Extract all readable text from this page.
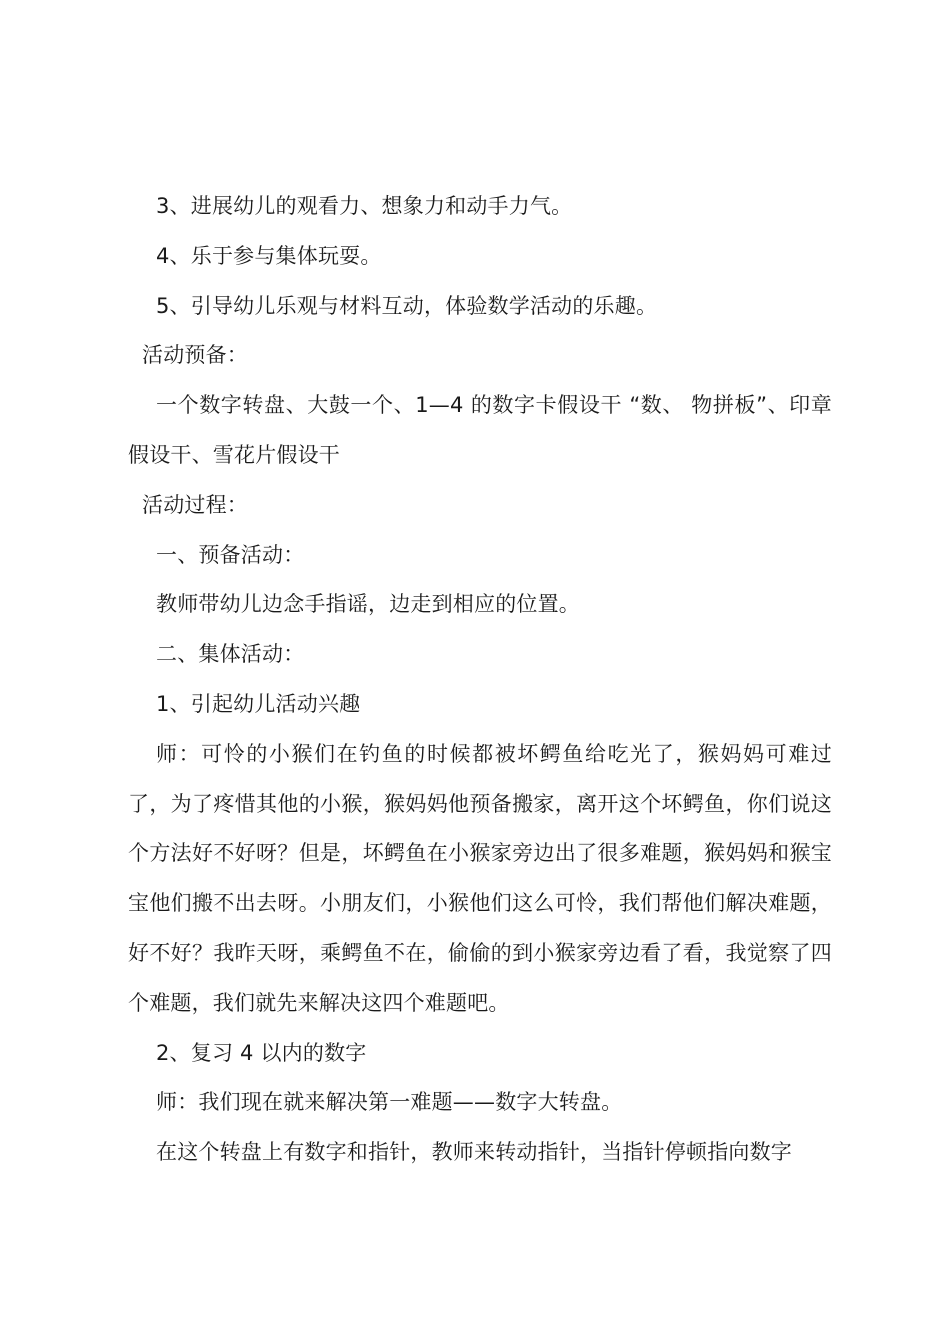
3、进展幼儿的观看力、想象力和动手力气。

4、乐于参与集体玩耍。

5、引导幼儿乐观与材料互动，体验数学活动的乐趣。

活动预备：

一个数字转盘、大鼓一个、1—4 的数字卡假设干 “数、 物拼板”、印章假设干、雪花片假设干

活动过程：

一、预备活动：

教师带幼儿边念手指谣，边走到相应的位置。

二、集体活动：

1、引起幼儿活动兴趣

师：可怜的小猴们在钓鱼的时候都被坏鳄鱼给吃光了，猴妈妈可难过了，为了疼惜其他的小猴，猴妈妈他预备搬家，离开这个坏鳄鱼，你们说这个方法好不好呀？但是，坏鳄鱼在小猴家旁边出了很多难题，猴妈妈和猴宝宝他们搬不出去呀。小朋友们，小猴他们这么可怜，我们帮他们解决难题，好不好？我昨天呀，乘鳄鱼不在，偷偷的到小猴家旁边看了看，我觉察了四个难题，我们就先来解决这四个难题吧。

2、复习 4 以内的数字

师：我们现在就来解决第一难题——数字大转盘。

在这个转盘上有数字和指针，教师来转动指针，当指针停顿指向数字
